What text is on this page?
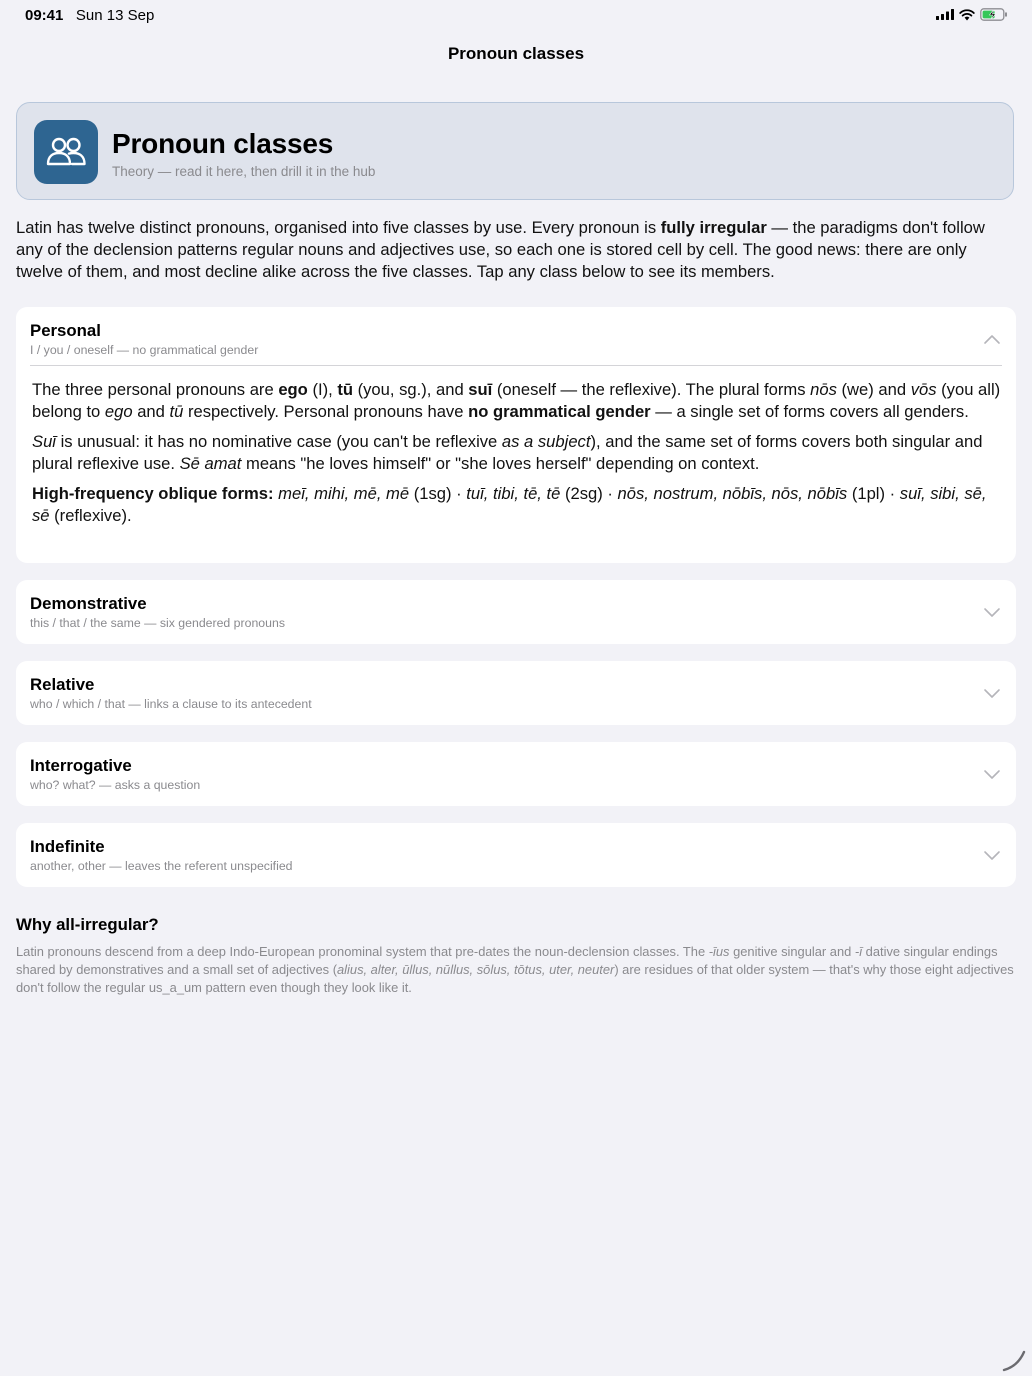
09:41 Sun 13 Sep
Pronoun classes
Pronoun classes
Theory — read it here, then drill it in the hub
Latin has twelve distinct pronouns, organised into five classes by use. Every pronoun is fully irregular — the paradigms don't follow any of the declension patterns regular nouns and adjectives use, so each one is stored cell by cell. The good news: there are only twelve of them, and most decline alike across the five classes. Tap any class below to see its members.
Personal
I / you / oneself — no grammatical gender

The three personal pronouns are ego (I), tū (you, sg.), and suī (oneself — the reflexive). The plural forms nōs (we) and vōs (you all) belong to ego and tū respectively. Personal pronouns have no grammatical gender — a single set of forms covers all genders.

Suī is unusual: it has no nominative case (you can't be reflexive as a subject), and the same set of forms covers both singular and plural reflexive use. Sē amat means "he loves himself" or "she loves herself" depending on context.

High-frequency oblique forms: meī, mihi, mē, mē (1sg) · tuī, tibi, tē, tē (2sg) · nōs, nostrum, nōbīs, nōs, nōbīs (1pl) · suī, sibi, sē, sē (reflexive).

Demonstrative
this / that / the same — six gendered pronouns
Relative
who / which / that — links a clause to its antecedent
Interrogative
who? what? — asks a question
Indefinite
another, other — leaves the referent unspecified
Why all-irregular?
Latin pronouns descend from a deep Indo-European pronominal system that pre-dates the noun-declension classes. The -īus genitive singular and -ī dative singular endings shared by demonstratives and a small set of adjectives (alius, alter, ūllus, nūllus, sōlus, tōtus, uter, neuter) are residues of that older system — that's why those eight adjectives don't follow the regular us_a_um pattern even though they look like it.
